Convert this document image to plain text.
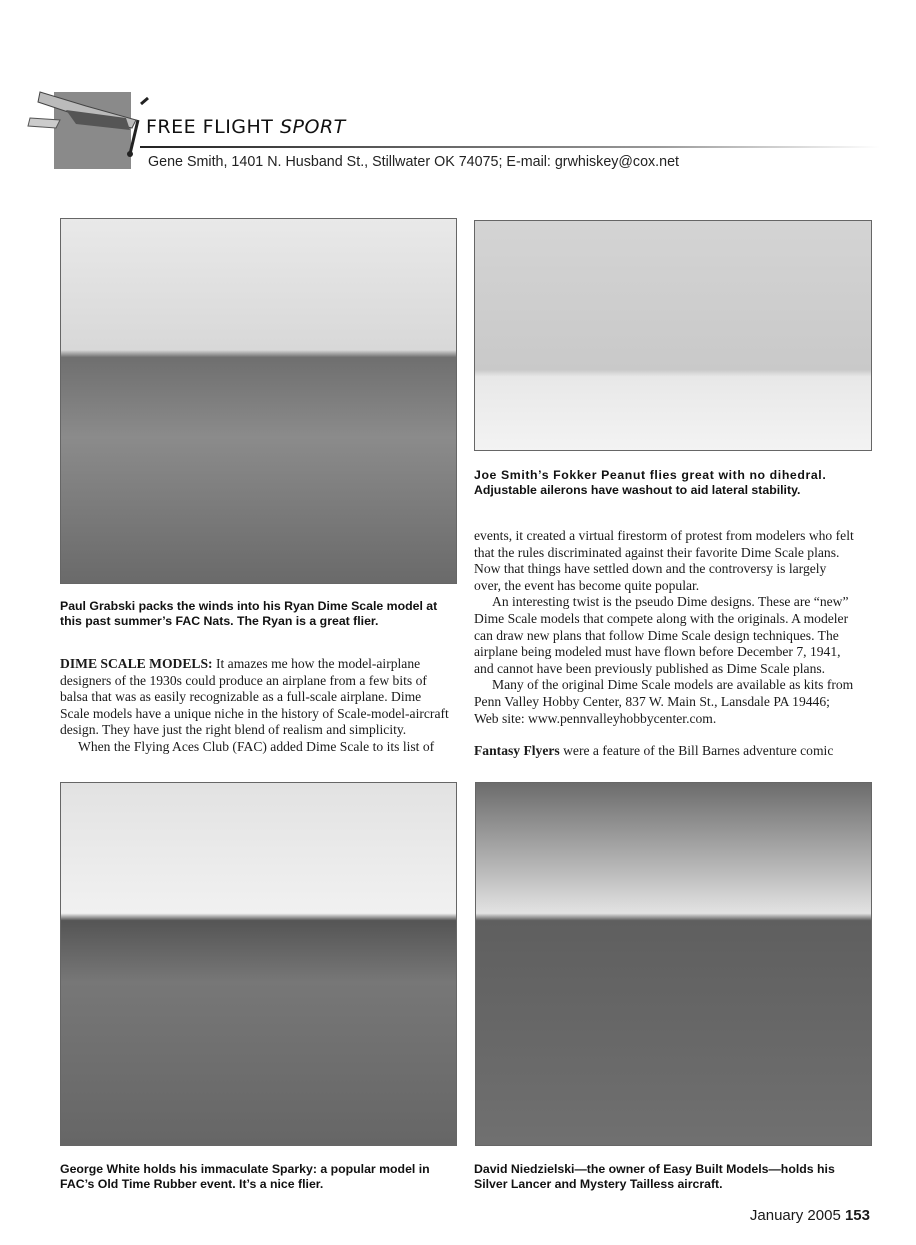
FREE FLIGHT SPORT
Gene Smith, 1401 N. Husband St., Stillwater OK 74075; E-mail: grwhiskey@cox.net
Joe Smith’s Fokker Peanut flies great with no dihedral.
Adjustable ailerons have washout to aid lateral stability.
Paul Grabski packs the winds into his Ryan Dime Scale model at
this past summer’s FAC Nats. The Ryan is a great flier.
DIME SCALE MODELS: It amazes me how the model-airplane
designers of the 1930s could produce an airplane from a few bits of
balsa that was as easily recognizable as a full-scale airplane. Dime
Scale models have a unique niche in the history of Scale-model-aircraft
design. They have just the right blend of realism and simplicity.
When the Flying Aces Club (FAC) added Dime Scale to its list of
events, it created a virtual firestorm of protest from modelers who felt
that the rules discriminated against their favorite Dime Scale plans.
Now that things have settled down and the controversy is largely
over, the event has become quite popular.
An interesting twist is the pseudo Dime designs. These are “new”
Dime Scale models that compete along with the originals. A modeler
can draw new plans that follow Dime Scale design techniques. The
airplane being modeled must have flown before December 7, 1941,
and cannot have been previously published as Dime Scale plans.
Many of the original Dime Scale models are available as kits from
Penn Valley Hobby Center, 837 W. Main St., Lansdale PA 19446;
Web site: www.pennvalleyhobbycenter.com.
Fantasy Flyers were a feature of the Bill Barnes adventure comic
George White holds his immaculate Sparky: a popular model in
FAC’s Old Time Rubber event. It’s a nice flier.
David Niedzielski—the owner of Easy Built Models—holds his
Silver Lancer and Mystery Tailless aircraft.
January 2005 153
